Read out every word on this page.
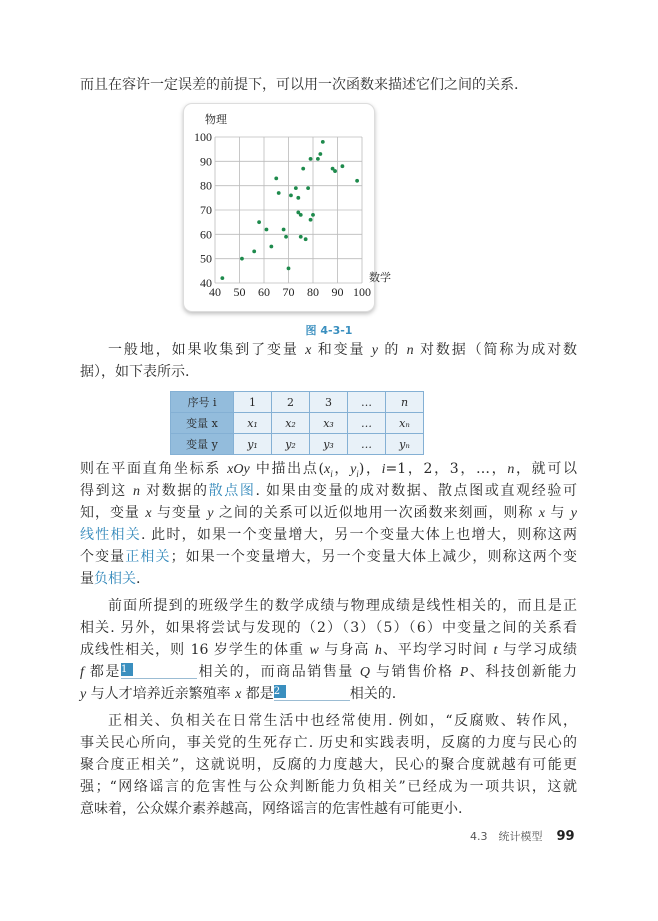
而且在容许一定误差的前提下，可以用一次函数来描述它们之间的关系.
40 50 60 70 80 90 100
40
50
60
70
80
90
100
物理
数学
图 4-3-1
序号 i	1	2	3	…	n
变量 x	x₁	x₂	x₃	…	xₙ
变量 y	y₁	y₂	y₃	…	yₙ
一般地，如果收集到了变量 x 和变量 y 的 n 对数据（简称为成对数
据），如下表所示.
则在平面直角坐标系 xOy 中描出点($x_i$，$y_i$)，i=1，2，3，…，n，就可以
得到这 n 对数据的散点图. 如果由变量的成对数据、散点图或直观经验可
知，变量 x 与变量 y 之间的关系可以近似地用一次函数来刻画，则称 x 与 y
线性相关. 此时，如果一个变量增大，另一个变量大体上也增大，则称这两
个变量正相关；如果一个变量增大，另一个变量大体上减少，则称这两个变
量负相关.
前面所提到的班级学生的数学成绩与物理成绩是线性相关的，而且是正
相关. 另外，如果将尝试与发现的（2）（3）（5）（6）中变量之间的关系看
成线性相关，则 16 岁学生的体重 w 与身高 h、平均学习时间 t 与学习成绩
f 都是 1	相关的，而商品销售量 Q 与销售价格 P、科技创新能力
y 与人才培养近亲繁殖率 x 都是 2	相关的.
正相关、负相关在日常生活中也经常使用. 例如，“反腐败、转作风，
事关民心所向，事关党的生死存亡. 历史和实践表明，反腐的力度与民心的
聚合度正相关”，这就说明，反腐的力度越大，民心的聚合度就越有可能更
强；“网络谣言的危害性与公众判断能力负相关”已经成为一项共识，这就
意味着，公众媒介素养越高，网络谣言的危害性越有可能更小.
4.3　统计模型 99
